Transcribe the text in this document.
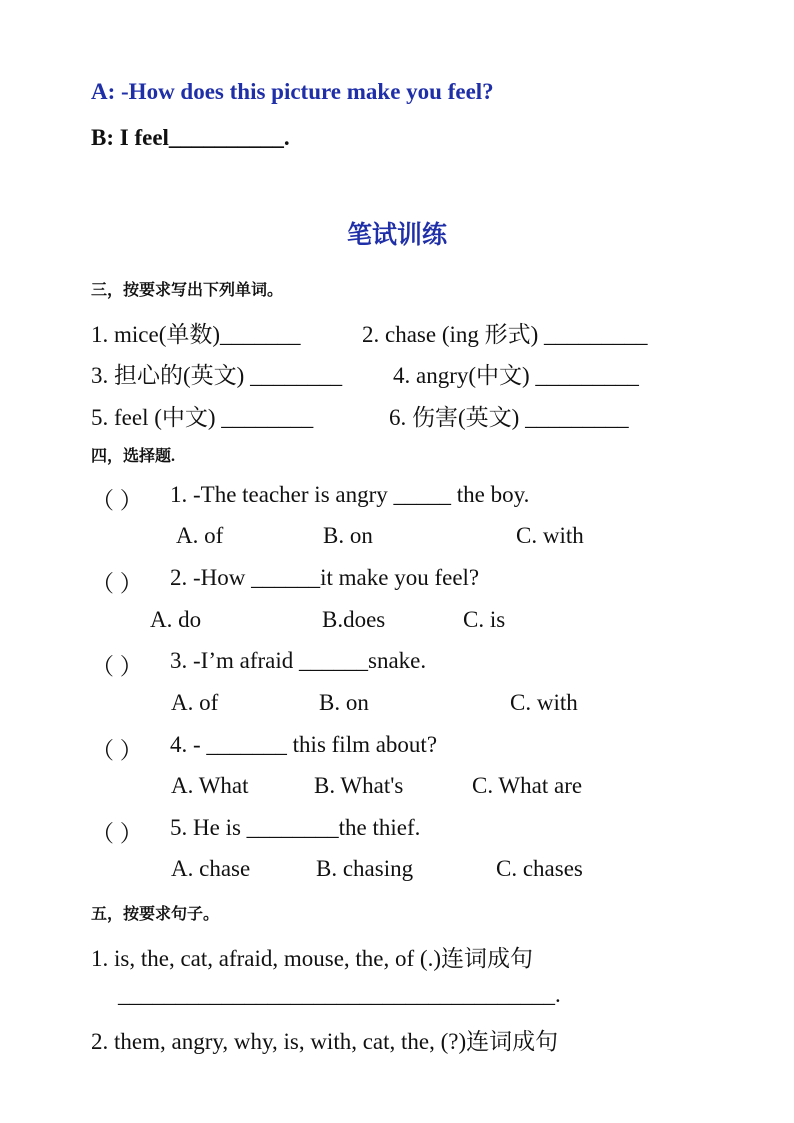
A: -How does this picture make you feel?
B: I feel__________.
笔试训练
三，按要求写出下列单词。
1. mice(单数)_______	2. chase (ing 形式) _________
3. 担心的(英文) ________ 4. angry(中文) _________
5. feel (中文) ________	6. 伤害(英文) _________
四，选择题.
（ ） 1. -The teacher is angry _____ the boy.
A. of	B. on	C. with
（ ） 2. -How ______it make you feel?
A. do	B.does	C. is
（ ） 3. -I’m afraid ______snake.
A. of	B. on	C. with
（ ） 4. - _______ this film about?
A. What	B. What's	C. What are
（ ） 5. He is ________the thief.
A. chase	B. chasing	C. chases
五，按要求句子。
1. is, the, cat, afraid, mouse, the, of (.)连词成句
______________________________________.
2. them, angry, why, is, with, cat, the, (?)连词成句
